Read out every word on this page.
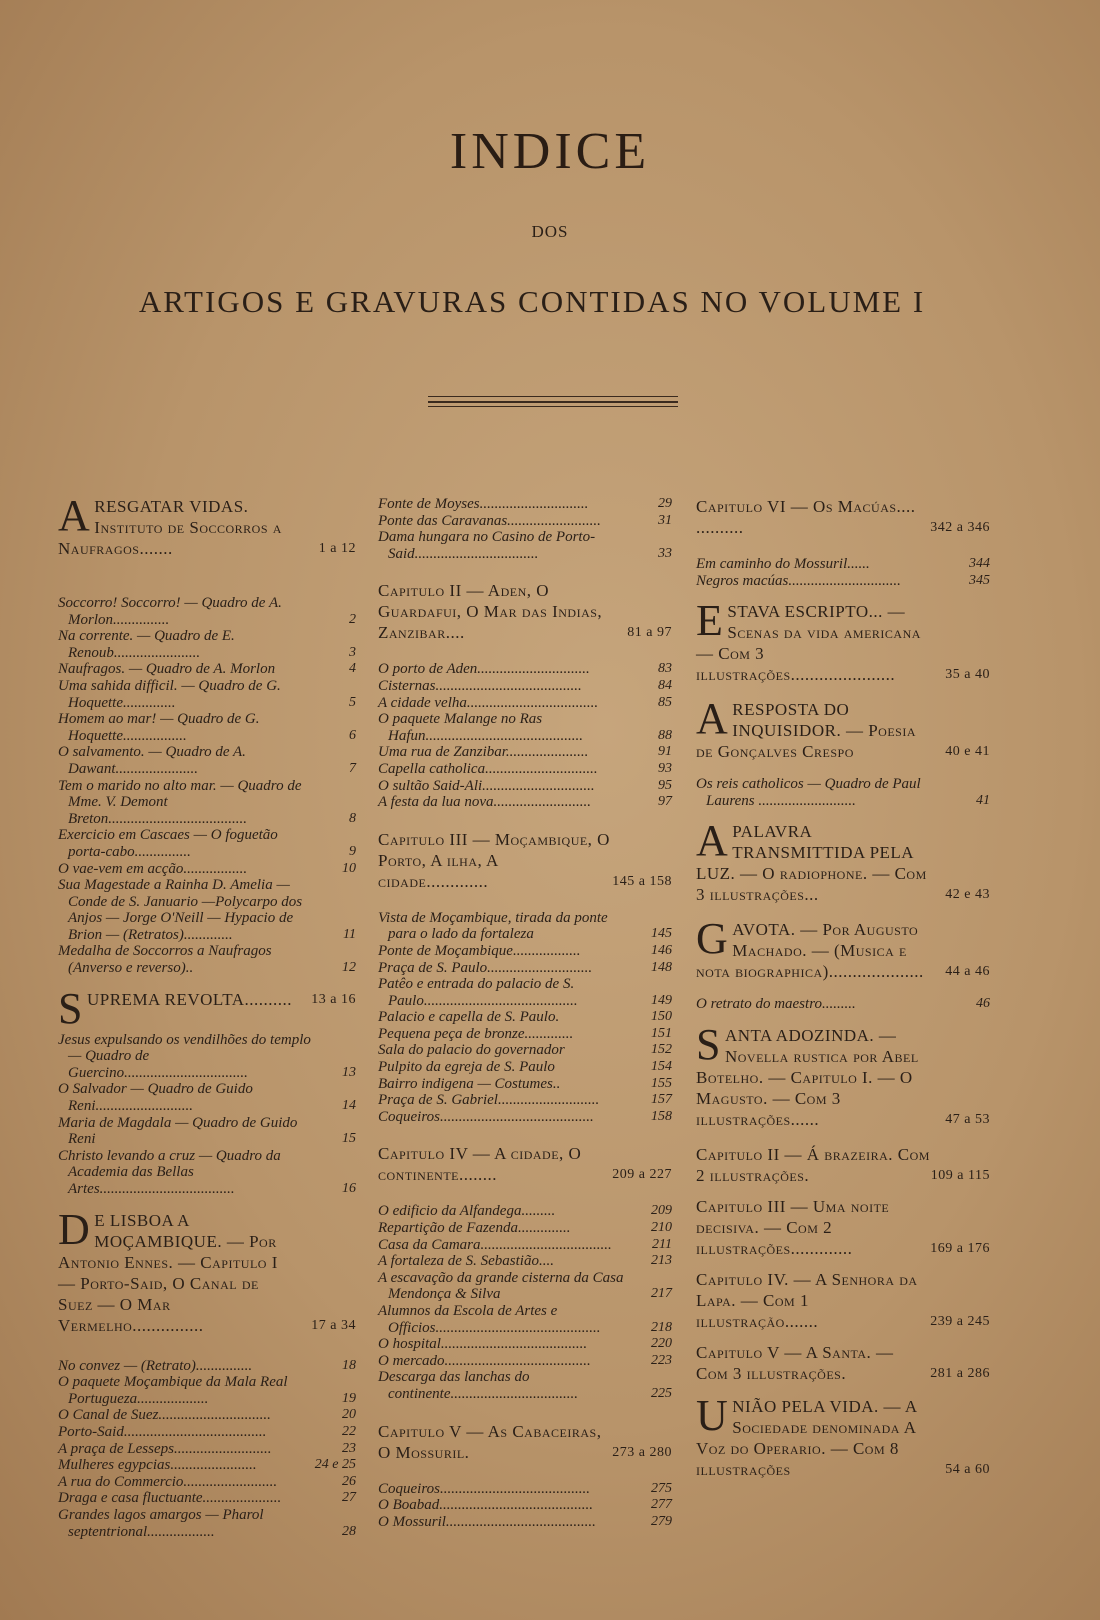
INDICE
DOS
ARTIGOS E GRAVURAS CONTIDAS NO VOLUME I
A RESGATAR VIDAS. Instituto de Soccorros a Naufragos.......	1 a 12
Soccorro! Soccorro! — Quadro de A. Morlon...............	2
Na corrente. — Quadro de E. Renoub.......................	3
Naufragos. — Quadro de A. Morlon	4
Uma sahida difficil. — Quadro de G. Hoquette..............	5
Homem ao mar! — Quadro de G. Hoquette.................	6
O salvamento. — Quadro de A. Dawant......................	7
Tem o marido no alto mar. — Quadro de Mme. V. Demont Breton.....................................	8
Exercicio em Cascaes — O foguetão porta-cabo...............	9
O vae-vem em acção.................	10
Sua Magestade a Rainha D. Amelia — Conde de S. Januario —Polycarpo dos Anjos — Jorge O'Neill — Hypacio de Brion — (Retratos).............	11
Medalha de Soccorros a Naufragos (Anverso e reverso)..	12
S UPREMA REVOLTA.......... 13 a 16
Jesus expulsando os vendilhões do templo — Quadro de Guercino.................................	13
O Salvador — Quadro de Guido Reni..........................	14
Maria de Magdala — Quadro de Guido Reni	15
Christo levando a cruz — Quadro da Academia das Bellas Artes....................................	16
D E LISBOA A MOÇAMBIQUE. — Por Antonio Ennes. — Capitulo I — Porto-Said, O Canal de Suez — O Mar Vermelho...............	17 a 34
No convez — (Retrato)...............	18
O paquete Moçambique da Mala Real Portugueza...................	19
O Canal de Suez..............................	20
Porto-Said......................................	22
A praça de Lesseps..........................	23
Mulheres egypcias.......................	24 e 25
A rua do Commercio.........................	26
Draga e casa fluctuante.....................	27
Grandes lagos amargos — Pharol septentrional..................	28
Fonte de Moyses.............................	29
Ponte das Caravanas.........................	31
Dama hungara no Casino de Porto-Said.................................	33
Capitulo II — Aden, O Guardafui, O Mar das Indias, Zanzibar....	81 a 97
O porto de Aden..............................	83
Cisternas.......................................	84
A cidade velha...................................	85
O paquete Malange no Ras Hafun..........................................	88
Uma rua de Zanzibar......................	91
Capella catholica..............................	93
O sultão Said-Ali..............................	95
A festa da lua nova..........................	97
Capitulo III — Moçambique, O Porto, A ilha, A cidade.............	145 a 158
Vista de Moçambique, tirada da ponte para o lado da fortaleza	145
Ponte de Moçambique..................	146
Praça de S. Paulo............................	148
Patêo e entrada do palacio de S. Paulo.........................................	149
Palacio e capella de S. Paulo.	150
Pequena peça de bronze.............	151
Sala do palacio do governador	152
Pulpito da egreja de S. Paulo	154
Bairro indigena — Costumes..	155
Praça de S. Gabriel...........................	157
Coqueiros.........................................	158
Capitulo IV — A cidade, O continente........	209 a 227
O edificio da Alfandega.........	209
Repartição de Fazenda..............	210
Casa da Camara...................................	211
A fortaleza de S. Sebastião....	213
A escavação da grande cisterna da Casa Mendonça & Silva	217
Alumnos da Escola de Artes e Officios............................................	218
O hospital.......................................	220
O mercado.......................................	223
Descarga das lanchas do continente..................................	225
Capitulo V — As Cabaceiras, O Mossuril.	273 a 280
Coqueiros........................................	275
O Boabad.........................................	277
O Mossuril........................................	279
Capitulo VI — Os Macúas.... ..........	342 a 346
Em caminho do Mossuril......	344
Negros macúas..............................	345
E STAVA ESCRIPTO... — Scenas da vida americana — Com 3 illustrações......................	35 a 40
A RESPOSTA DO INQUISIDOR. — Poesia de Gonçalves Crespo	40 e 41
Os reis catholicos — Quadro de Paul Laurens ..........................	41
A PALAVRA TRANSMITTIDA PELA LUZ. — O radiophone. — Com 3 illustrações...	42 e 43
G AVOTA. — Por Augusto Machado. — (Musica e nota biographica).................... 44 a 46
O retrato do maestro.........	46
S ANTA ADOZINDA. — Novella rustica por Abel Botelho. — Capitulo I. — O Magusto. — Com 3 illustrações......	47 a 53
Capitulo II — Á brazeira. Com 2 illustrações.	109 a 115
Capitulo III — Uma noite decisiva. — Com 2 illustrações.............	169 a 176
Capitulo IV. — A Senhora da Lapa. — Com 1 illustração.......	239 a 245
Capitulo V — A Santa. — Com 3 illustrações.	281 a 286
U NIÃO PELA VIDA. — A Sociedade denominada A Voz do Operario. — Com 8 illustrações	54 a 60
